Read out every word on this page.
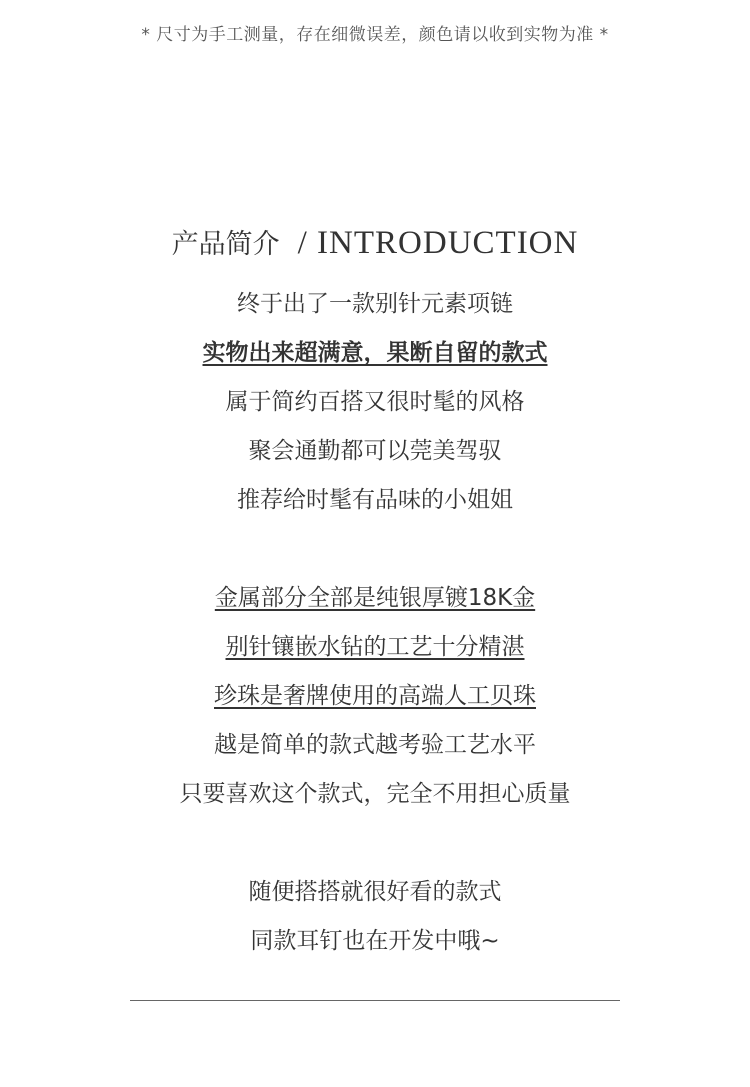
* 尺寸为手工测量，存在细微误差，颜色请以收到实物为准 *
产品简介 / INTRODUCTION
终于出了一款别针元素项链
实物出来超满意，果断自留的款式
属于简约百搭又很时髦的风格
聚会通勤都可以莞美驾驭
推荐给时髦有品味的小姐姐
金属部分全部是纯银厚镀18K金
别针镶嵌水钻的工艺十分精湛
珍珠是奢牌使用的高端人工贝珠
越是简单的款式越考验工艺水平
只要喜欢这个款式，完全不用担心质量
随便搭搭就很好看的款式
同款耳钉也在开发中哦~
